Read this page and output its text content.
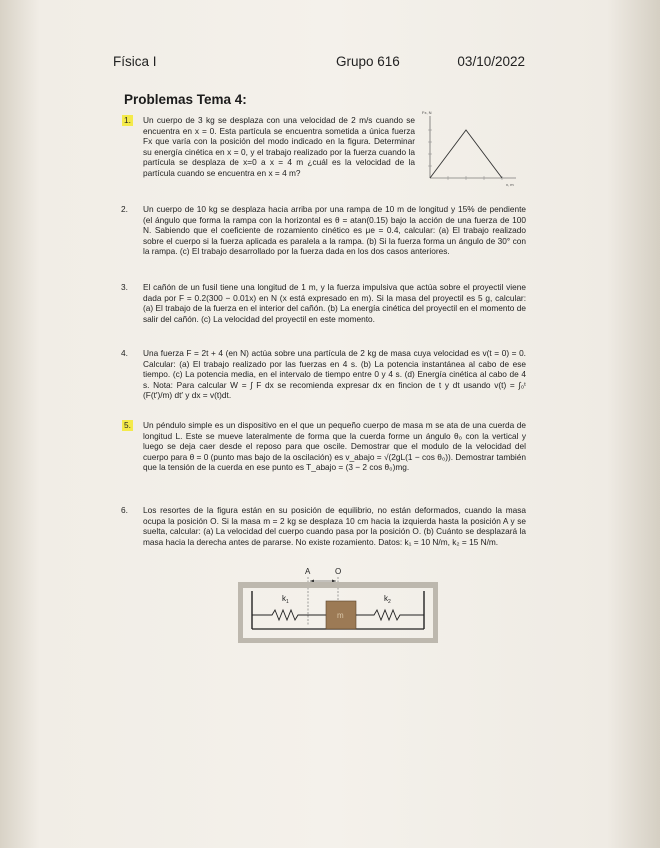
Física I	Grupo 616	03/10/2022
Problemas Tema 4:
1. Un cuerpo de 3 kg se desplaza con una velocidad de 2 m/s cuando se encuentra en x = 0. Esta partícula se encuentra sometida a única fuerza Fx que varía con la posición del modo indicado en la figura. Determinar su energía cinética en x = 0, y el trabajo realizado por la fuerza cuando la partícula se desplaza de x=0 a x = 4 m ¿cuál es la velocidad de la partícula cuando se encuentra en x = 4 m?
Fx, N
x, m
2.	Un cuerpo de 10 kg se desplaza hacia arriba por una rampa de 10 m de longitud y 15% de pendiente (el ángulo que forma la rampa con la horizontal es θ = atan(0.15) bajo la acción de una fuerza de 100 N. Sabiendo que el coeficiente de rozamiento cinético es μe = 0.4, calcular: (a) El trabajo realizado sobre el cuerpo si la fuerza aplicada es paralela a la rampa. (b) Si la fuerza forma un ángulo de 30° con la rampa. (c) El trabajo desarrollado por la fuerza dada en los dos casos anteriores.
3.	El cañón de un fusil tiene una longitud de 1 m, y la fuerza impulsiva que actúa sobre el proyectil viene dada por F = 0.2(300 − 0.01x) en N (x está expresado en m). Si la masa del proyectil es 5 g, calcular: (a) El trabajo de la fuerza en el interior del cañón. (b) La energía cinética del proyectil en el momento de salir del cañón. (c) La velocidad del proyectil en este momento.
4.	Una fuerza F = 2t + 4 (en N) actúa sobre una partícula de 2 kg de masa cuya velocidad es v(t = 0) = 0. Calcular: (a) El trabajo realizado por las fuerzas en 4 s. (b) La potencia instantánea al cabo de ese tiempo. (c) La potencia media, en el intervalo de tiempo entre 0 y 4 s. (d) Energía cinética al cabo de 4 s. Nota: Para calcular W = ∫ F dx se recomienda expresar dx en fincion de t y dt usando v(t) = ∫₀ᵗ (F(t′)/m) dt′ y dx = v(t)dt.
5. Un péndulo simple es un dispositivo en el que un pequeño cuerpo de masa m se ata de una cuerda de longitud L. Este se mueve lateralmente de forma que la cuerda forme un ángulo θ₀ con la vertical y luego se deja caer desde el reposo para que oscile. Demostrar que el modulo de la velocidad del cuerpo para θ = 0 (punto mas bajo de la oscilación) es v_abajo = √(2gL(1 − cos θ₀)). Demostrar también que la tensión de la cuerda en ese punto es T_abajo = (3 − 2 cos θ₀)mg.
6.	Los resortes de la figura están en su posición de equilibrio, no están deformados, cuando la masa ocupa la posición O. Si la masa m = 2 kg se desplaza 10 cm hacia la izquierda hasta la posición A y se suelta, calcular: (a) La velocidad del cuerpo cuando pasa por la posición O. (b) Cuánto se desplazará la masa hacia la derecha antes de pararse. No existe rozamiento. Datos: k₁ = 10 N/m, k₂ = 15 N/m.
A	O
$k_1$
m
$k_2$
